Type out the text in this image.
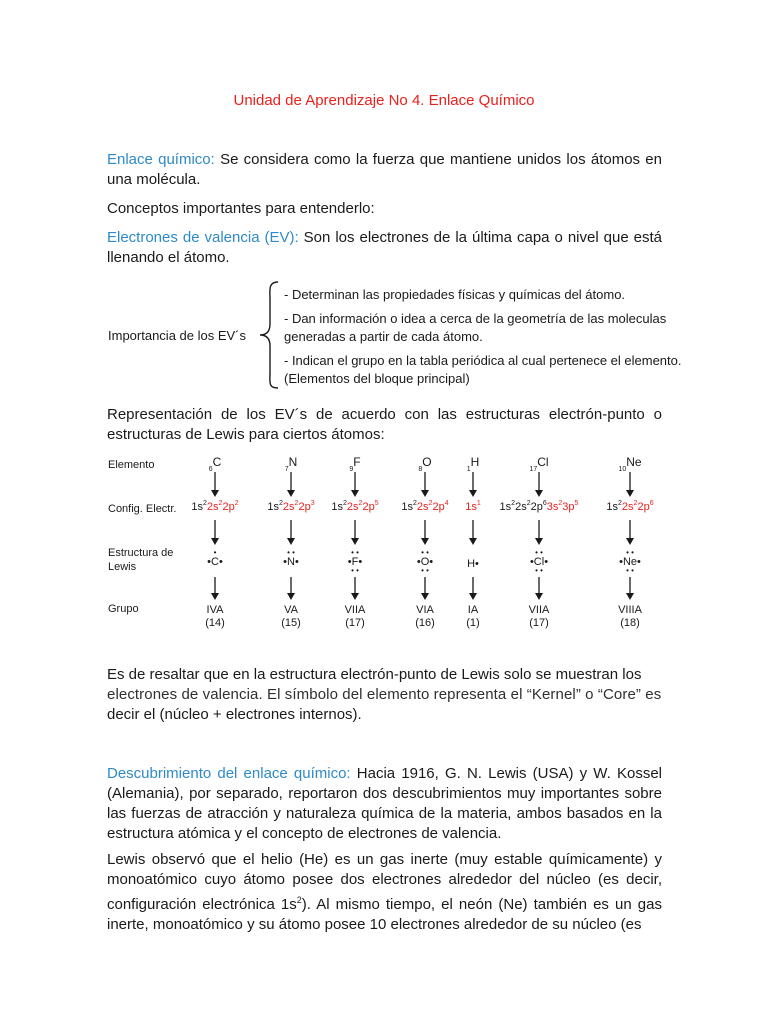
Unidad de Aprendizaje No 4. Enlace Químico
Enlace químico: Se considera como la fuerza que mantiene unidos los átomos en una molécula.
Conceptos importantes para entenderlo:
Electrones de valencia (EV): Son los electrones de la última capa o nivel que está llenando el átomo.
Importancia de los EV´s
- Determinan las propiedades físicas y químicas del átomo.
- Dan información o idea a cerca de la geometría de las moleculas generadas a partir de cada átomo.
- Indican el grupo en la tabla periódica al cual pertenece el elemento. (Elementos del bloque principal)
Representación de los EV´s de acuerdo con las estructuras electrón-punto o estructuras de Lewis para ciertos átomos:
Elemento
Config. Electr.
Estructura de Lewis
Grupo
$_6$C
$1s^22s^22p^2$
•
•C•
IVA
(14)
$_7$N
$1s^22s^22p^3$
• •
•N•
VA
(15)
$_9$F
$1s^22s^22p^5$
• •
•F•
• •
VIIA
(17)
$_8$O
$1s^22s^22p^4$
• •
•O•
• •
VIA
(16)
$_1$H
$1s^1$
H•
IA
(1)
$_{17}$Cl
$1s^22s^22p^63s^23p^5$
• •
•Cl•
• •
VIIA
(17)
$_{10}$Ne
$1s^22s^22p^6$
• •
•Ne•
• •
VIIIA
(18)
Es de resaltar que en la estructura electrón-punto de Lewis solo se muestran los
electrones de valencia. El símbolo del elemento representa el “Kernel” o “Core” es
decir el (núcleo + electrones internos).
Descubrimiento del enlace químico: Hacia 1916, G. N. Lewis (USA) y W. Kossel (Alemania), por separado, reportaron dos descubrimientos muy importantes sobre las fuerzas de atracción y naturaleza química de la materia, ambos basados en la estructura atómica y el concepto de electrones de valencia.
Lewis observó que el helio (He) es un gas inerte (muy estable químicamente) y monoatómico cuyo átomo posee dos electrones alrededor del núcleo (es decir, configuración electrónica $1s^2$). Al mismo tiempo, el neón (Ne) también es un gas inerte, monoatómico y su átomo posee 10 electrones alrededor de su núcleo (es
